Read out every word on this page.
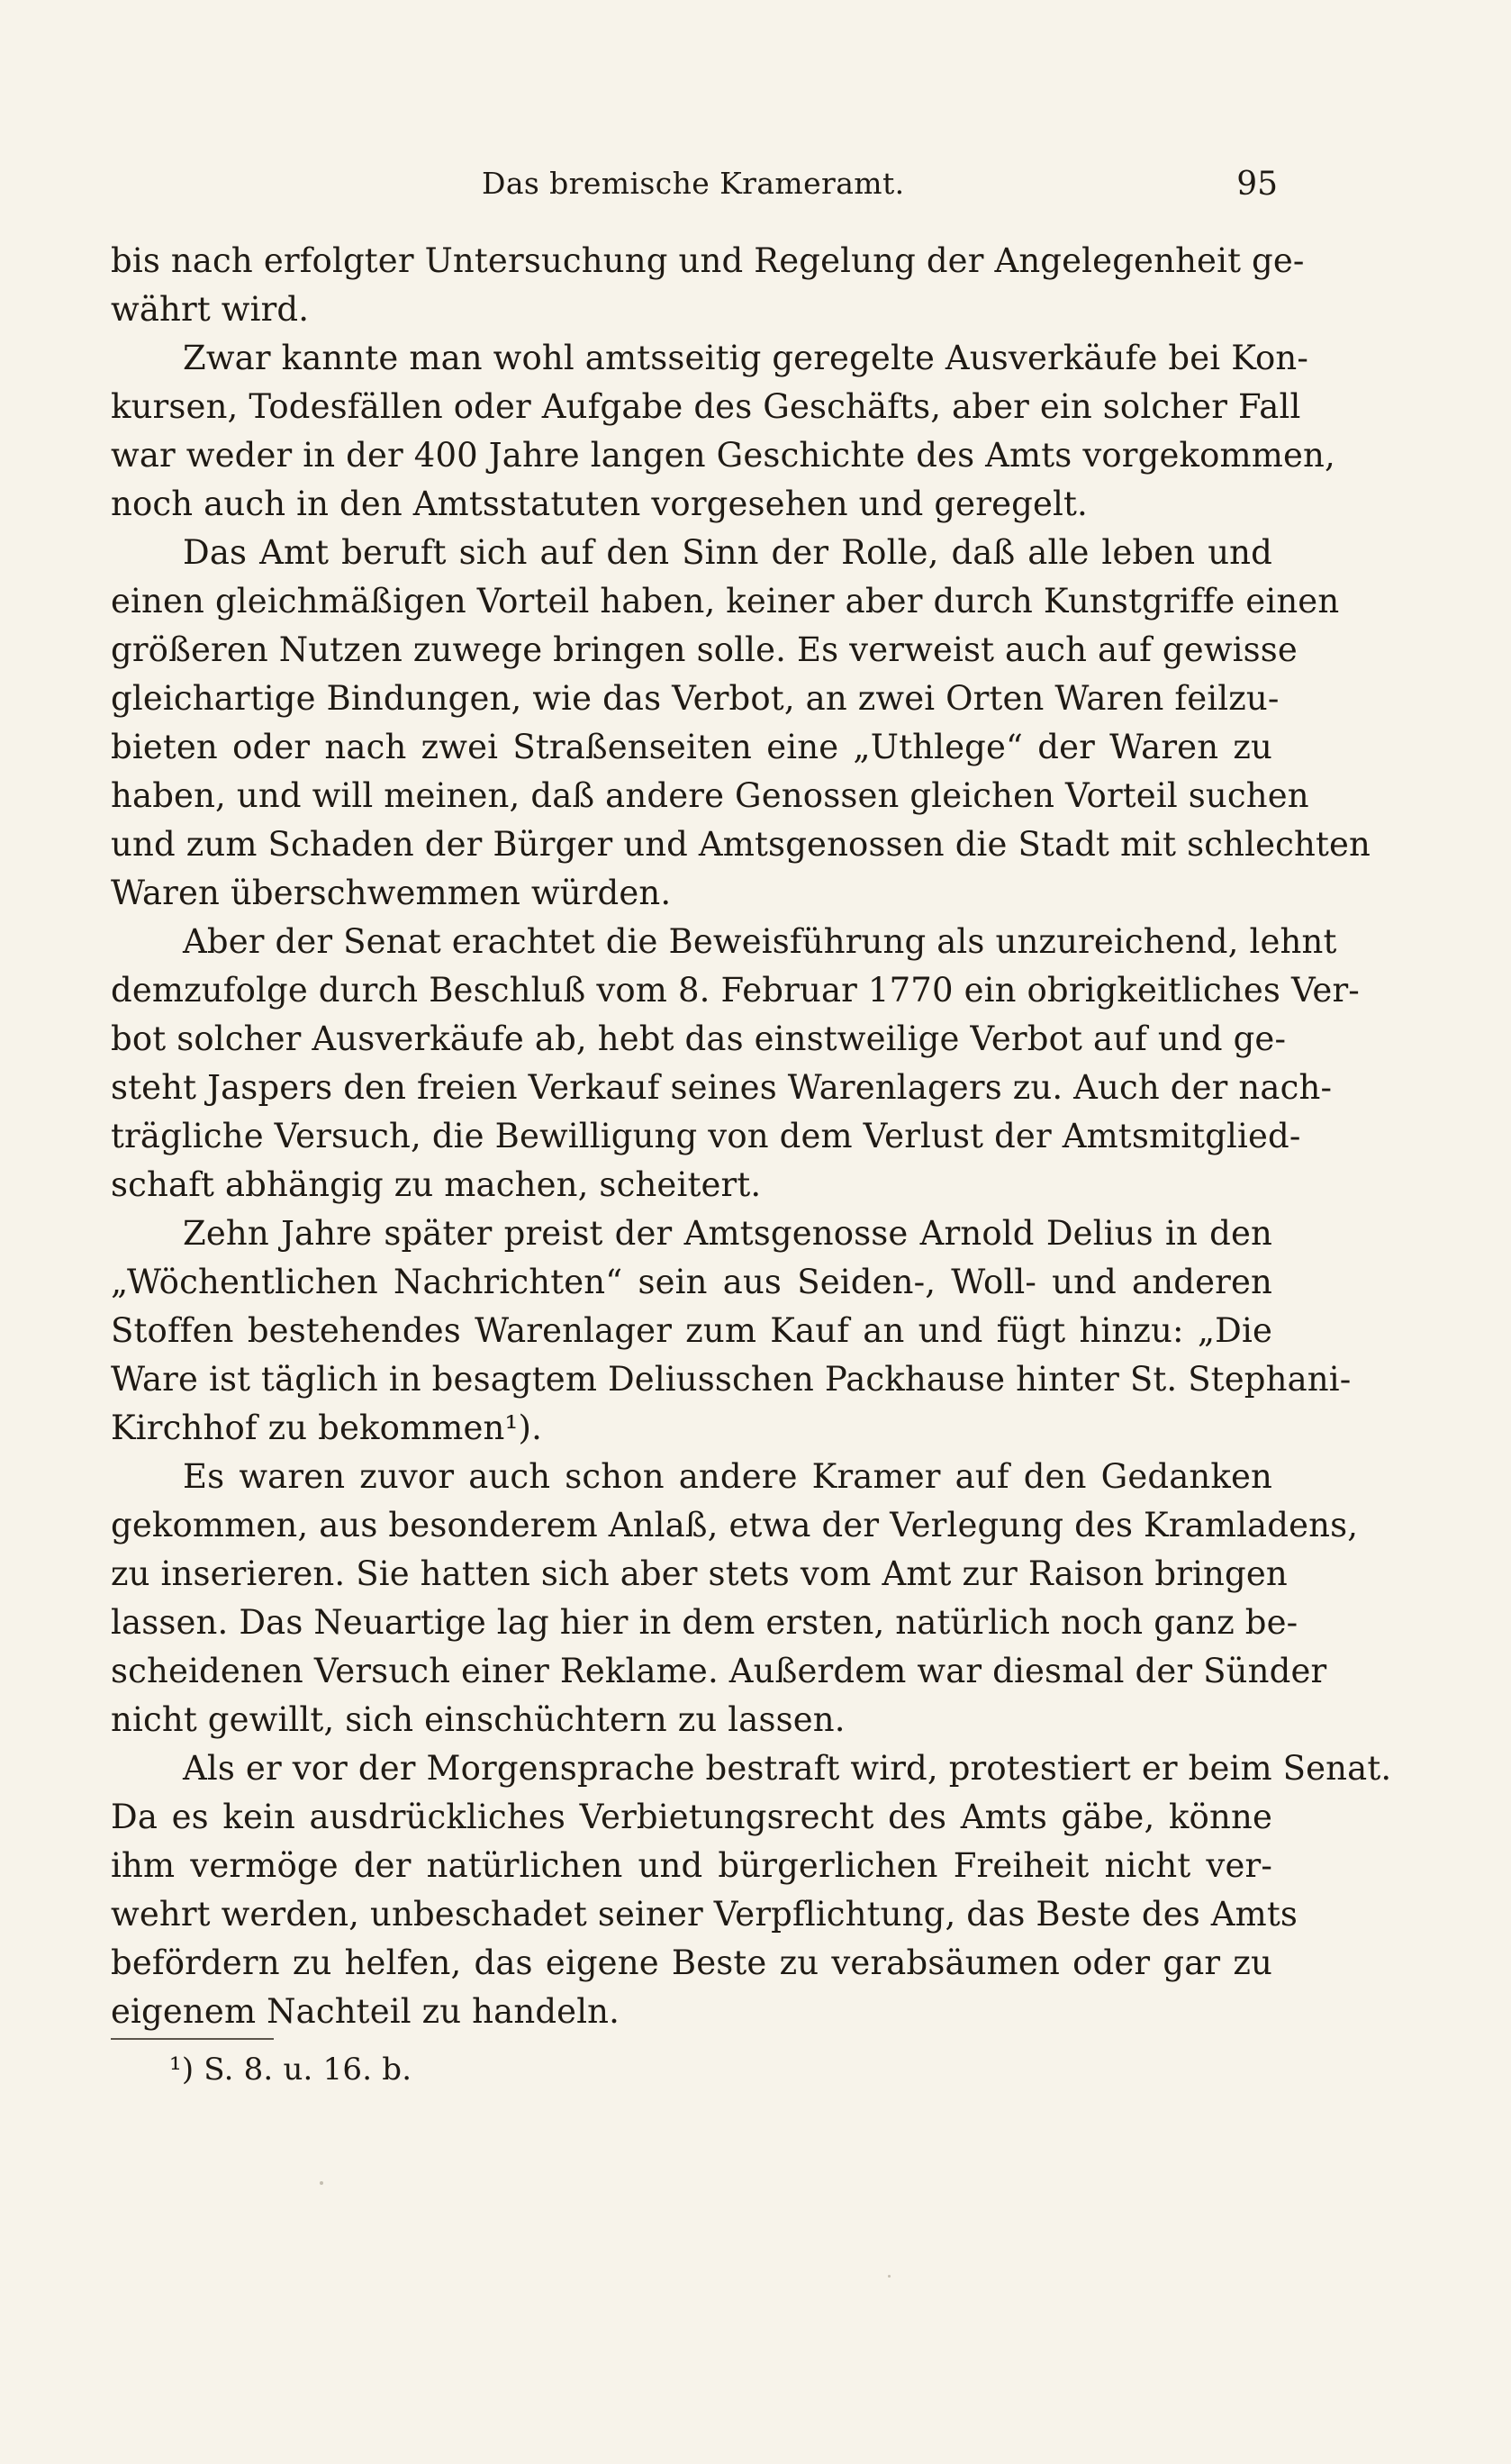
Das bremische Krameramt.	95
bis nach erfolgter Untersuchung und Regelung der Angelegenheit ge-
währt wird.
Zwar kannte man wohl amtsseitig geregelte Ausverkäufe bei Kon-
kursen, Todesfällen oder Aufgabe des Geschäfts, aber ein solcher Fall
war weder in der 400 Jahre langen Geschichte des Amts vorgekommen,
noch auch in den Amtsstatuten vorgesehen und geregelt.
Das Amt beruft sich auf den Sinn der Rolle, daß alle leben und
einen gleichmäßigen Vorteil haben, keiner aber durch Kunstgriffe einen
größeren Nutzen zuwege bringen solle. Es verweist auch auf gewisse
gleichartige Bindungen, wie das Verbot, an zwei Orten Waren feilzu-
bieten oder nach zwei Straßenseiten eine „Uthlege“ der Waren zu
haben, und will meinen, daß andere Genossen gleichen Vorteil suchen
und zum Schaden der Bürger und Amtsgenossen die Stadt mit schlechten
Waren überschwemmen würden.
Aber der Senat erachtet die Beweisführung als unzureichend, lehnt
demzufolge durch Beschluß vom 8. Februar 1770 ein obrigkeitliches Ver-
bot solcher Ausverkäufe ab, hebt das einstweilige Verbot auf und ge-
steht Jaspers den freien Verkauf seines Warenlagers zu. Auch der nach-
trägliche Versuch, die Bewilligung von dem Verlust der Amtsmitglied-
schaft abhängig zu machen, scheitert.
Zehn Jahre später preist der Amtsgenosse Arnold Delius in den
„Wöchentlichen Nachrichten“ sein aus Seiden-, Woll- und anderen
Stoffen bestehendes Warenlager zum Kauf an und fügt hinzu: „Die
Ware ist täglich in besagtem Deliusschen Packhause hinter St. Stephani-
Kirchhof zu bekommen¹).
Es waren zuvor auch schon andere Kramer auf den Gedanken
gekommen, aus besonderem Anlaß, etwa der Verlegung des Kramladens,
zu inserieren. Sie hatten sich aber stets vom Amt zur Raison bringen
lassen. Das Neuartige lag hier in dem ersten, natürlich noch ganz be-
scheidenen Versuch einer Reklame. Außerdem war diesmal der Sünder
nicht gewillt, sich einschüchtern zu lassen.
Als er vor der Morgensprache bestraft wird, protestiert er beim Senat.
Da es kein ausdrückliches Verbietungsrecht des Amts gäbe, könne
ihm vermöge der natürlichen und bürgerlichen Freiheit nicht ver-
wehrt werden, unbeschadet seiner Verpflichtung, das Beste des Amts
befördern zu helfen, das eigene Beste zu verabsäumen oder gar zu
eigenem Nachteil zu handeln.
¹) S. 8. u. 16. b.
